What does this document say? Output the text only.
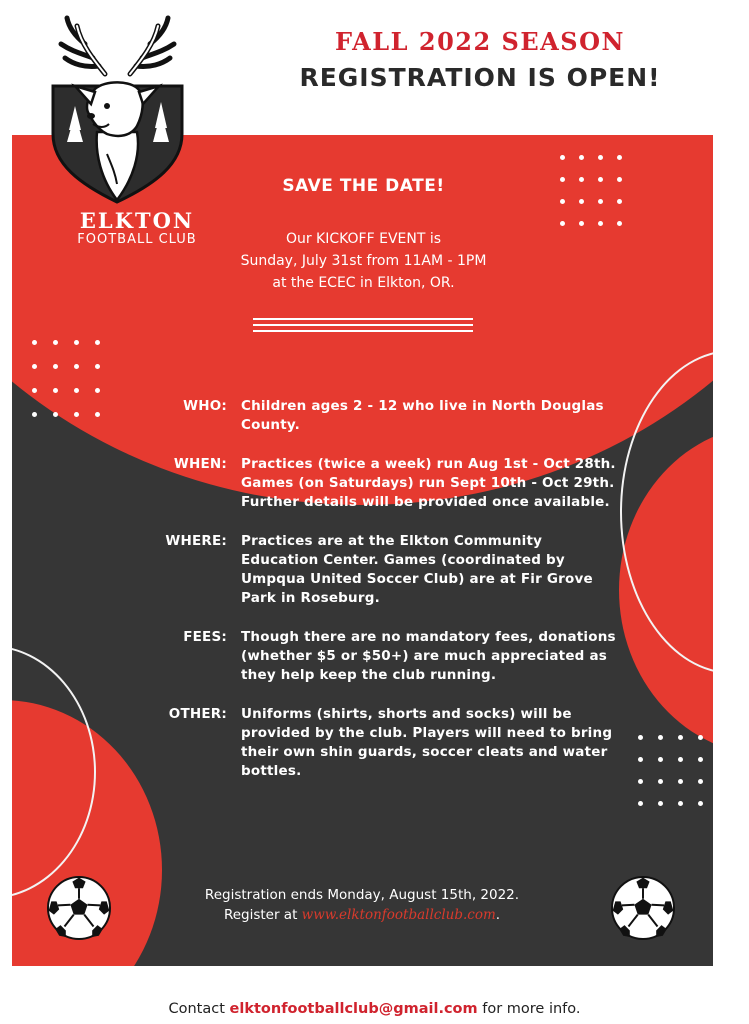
FALL 2022 SEASON
REGISTRATION IS OPEN!
SAVE THE DATE!
Our KICKOFF EVENT is
Sunday, July 31st from 11AM - 1PM
at the ECEC in Elkton, OR.
WHO:	Children ages 2 - 12 who live in North Douglas County.
WHEN:	Practices (twice a week) run Aug 1st - Oct 28th. Games (on Saturdays) run Sept 10th - Oct 29th. Further details will be provided once available.
WHERE:	Practices are at the Elkton Community Education Center. Games (coordinated by Umpqua United Soccer Club) are at Fir Grove Park in Roseburg.
FEES:	Though there are no mandatory fees, donations (whether $5 or $50+) are much appreciated as they help keep the club running.
OTHER:	Uniforms (shirts, shorts and socks) will be provided by the club. Players will need to bring their own shin guards, soccer cleats and water bottles.
Registration ends Monday, August 15th, 2022.
Register at www.elktonfootballclub.com.
ELKTON
FOOTBALL CLUB
Contact elktonfootballclub@gmail.com for more info.
